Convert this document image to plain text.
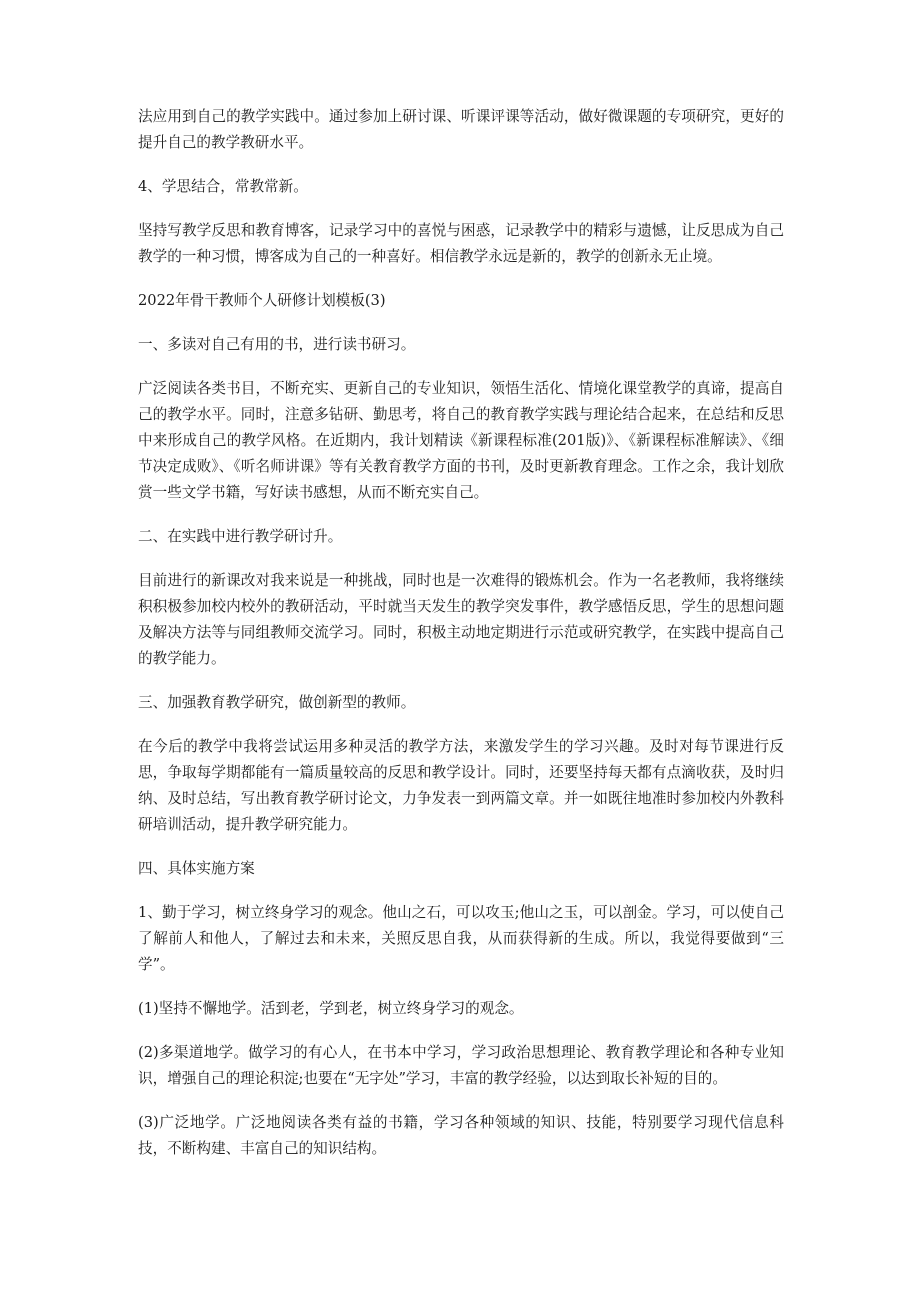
法应用到自己的教学实践中。通过参加上研讨课、听课评课等活动，做好微课题的专项研究，更好的提升自己的教学教研水平。

4、学思结合，常教常新。

坚持写教学反思和教育博客，记录学习中的喜悦与困惑，记录教学中的精彩与遗憾，让反思成为自己教学的一种习惯，博客成为自己的一种喜好。相信教学永远是新的，教学的创新永无止境。

2022年骨干教师个人研修计划模板(3)

一、多读对自己有用的书，进行读书研习。

广泛阅读各类书目，不断充实、更新自己的专业知识，领悟生活化、情境化课堂教学的真谛，提高自己的教学水平。同时，注意多钻研、勤思考，将自己的教育教学实践与理论结合起来，在总结和反思中来形成自己的教学风格。在近期内，我计划精读《新课程标准(201版)》、《新课程标准解读》、《细节决定成败》、《听名师讲课》等有关教育教学方面的书刊，及时更新教育理念。工作之余，我计划欣赏一些文学书籍，写好读书感想，从而不断充实自己。

二、在实践中进行教学研讨升。

目前进行的新课改对我来说是一种挑战，同时也是一次难得的锻炼机会。作为一名老教师，我将继续积积极参加校内校外的教研活动，平时就当天发生的教学突发事件，教学感悟反思，学生的思想问题及解决方法等与同组教师交流学习。同时，积极主动地定期进行示范或研究教学，在实践中提高自己的教学能力。

三、加强教育教学研究，做创新型的教师。

在今后的教学中我将尝试运用多种灵活的教学方法，来激发学生的学习兴趣。及时对每节课进行反思，争取每学期都能有一篇质量较高的反思和教学设计。同时，还要坚持每天都有点滴收获，及时归纳、及时总结，写出教育教学研讨论文，力争发表一到两篇文章。并一如既往地准时参加校内外教科研培训活动，提升教学研究能力。

四、具体实施方案

1、勤于学习，树立终身学习的观念。他山之石，可以攻玉;他山之玉，可以剖金。学习，可以使自己了解前人和他人，了解过去和未来，关照反思自我，从而获得新的生成。所以，我觉得要做到“三学”。

(1)坚持不懈地学。活到老，学到老，树立终身学习的观念。

(2)多渠道地学。做学习的有心人，在书本中学习，学习政治思想理论、教育教学理论和各种专业知识，增强自己的理论积淀;也要在“无字处”学习，丰富的教学经验，以达到取长补短的目的。

(3)广泛地学。广泛地阅读各类有益的书籍，学习各种领域的知识、技能，特别要学习现代信息科技，不断构建、丰富自己的知识结构。
